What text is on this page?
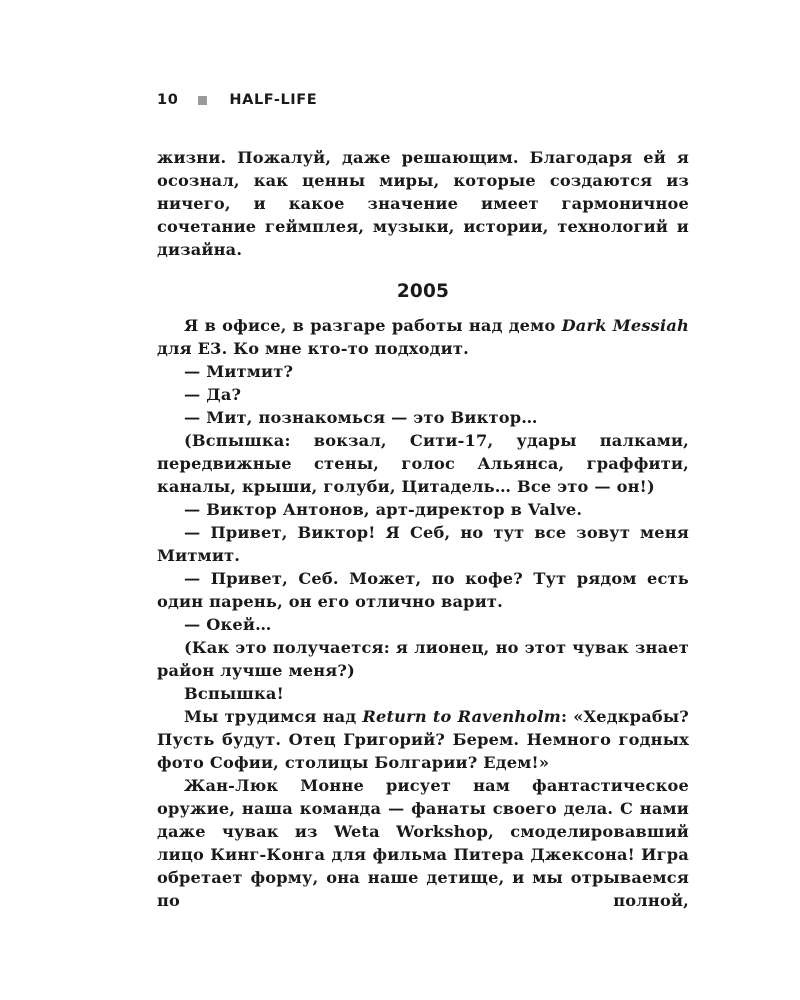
10	HALF-LIFE

жизни. Пожалуй, даже решающим. Благодаря ей я осознал, как ценны миры, которые создаются из ничего, и какое значение имеет гармоничное сочетание геймплея, музыки, истории, технологий и дизайна.

2005

Я в офисе, в разгаре работы над демо Dark Messiah для E3. Ко мне кто-то подходит.

— Митмит?

— Да?

— Мит, познакомься — это Виктор…

(Вспышка: вокзал, Сити-17, удары палками, передвижные стены, голос Альянса, граффити, каналы, крыши, голуби, Цитадель… Все это — он!)

— Виктор Антонов, арт-директор в Valve.

— Привет, Виктор! Я Себ, но тут все зовут меня Митмит.

— Привет, Себ. Может, по кофе? Тут рядом есть один парень, он его отлично варит.

— Окей…

(Как это получается: я лионец, но этот чувак знает район лучше меня?)

Вспышка!

Мы трудимся над Return to Ravenholm: «Хедкрабы? Пусть будут. Отец Григорий? Берем. Немного годных фото Софии, столицы Болгарии? Едем!»

Жан-Люк Монне рисует нам фантастическое оружие, наша команда — фанаты своего дела. С нами даже чувак из Weta Workshop, смоделировавший лицо Кинг-Конга для фильма Питера Джексона! Игра обретает форму, она наше детище, и мы отрываемся по полной,
